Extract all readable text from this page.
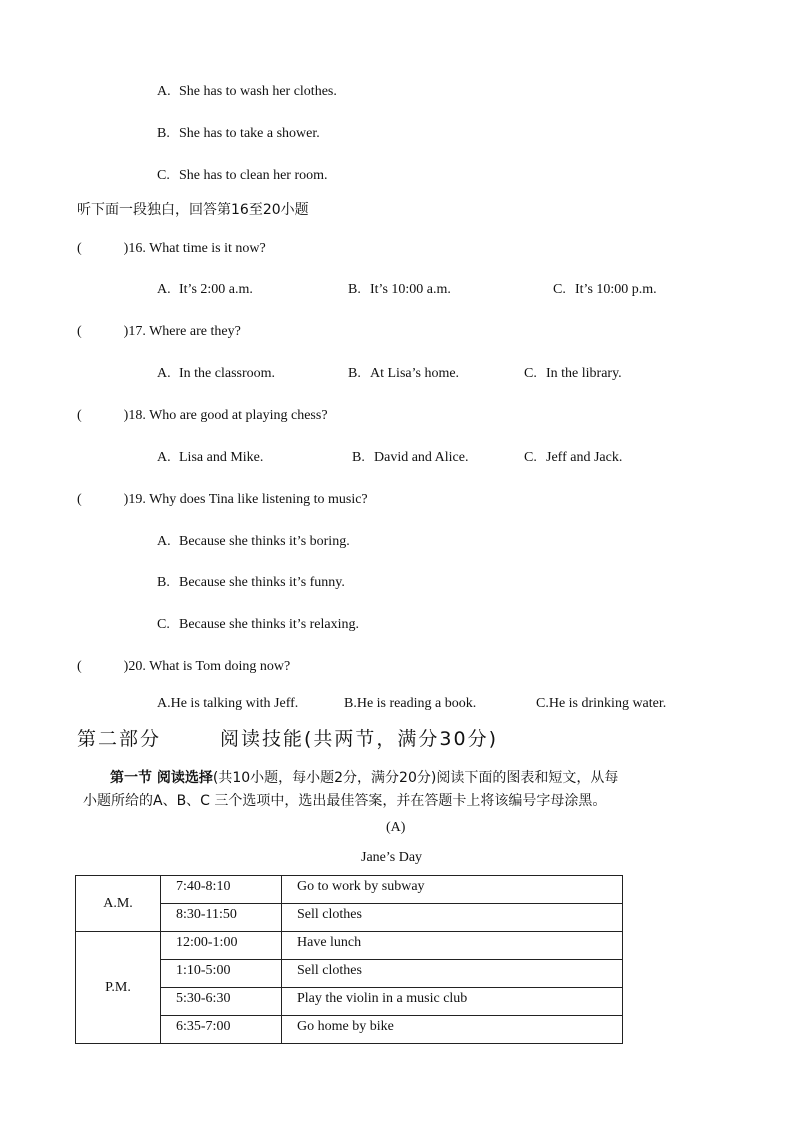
A. She has to wash her clothes.
B. She has to take a shower.
C. She has to clean her room.
听下面一段独白，回答第16至20小题
(	)16. What time is it now?
A. It’s 2:00 a.m.	B. It’s 10:00 a.m.	C. It’s 10:00 p.m.
(	)17. Where are they?
A. In the classroom.	B. At Lisa’s home.	C. In the library.
(	)18. Who are good at playing chess?
A. Lisa and Mike.	B. David and Alice.	C. Jeff and Jack.
(	)19. Why does Tina like listening to music?
A. Because she thinks it’s boring.
B. Because she thinks it’s funny.
C. Because she thinks it’s relaxing.
(	)20. What is Tom doing now?
A.He is talking with Jeff.	B.He is reading a book.	C.He is drinking water.
第二部分	阅读技能(共两节，满分30分)
第一节 阅读选择(共10小题，每小题2分，满分20分)阅读下面的图表和短文，从每
小题所给的A、B、C 三个选项中，选出最佳答案，并在答题卡上将该编号字母涂黑。
(A)
Jane’s Day
A.M.	7:40-8:10	Go to work by subway
	8:30-11:50	Sell clothes
P.M.	12:00-1:00	Have lunch
	1:10-5:00	Sell clothes
	5:30-6:30	Play the violin in a music club
	6:35-7:00	Go home by bike
